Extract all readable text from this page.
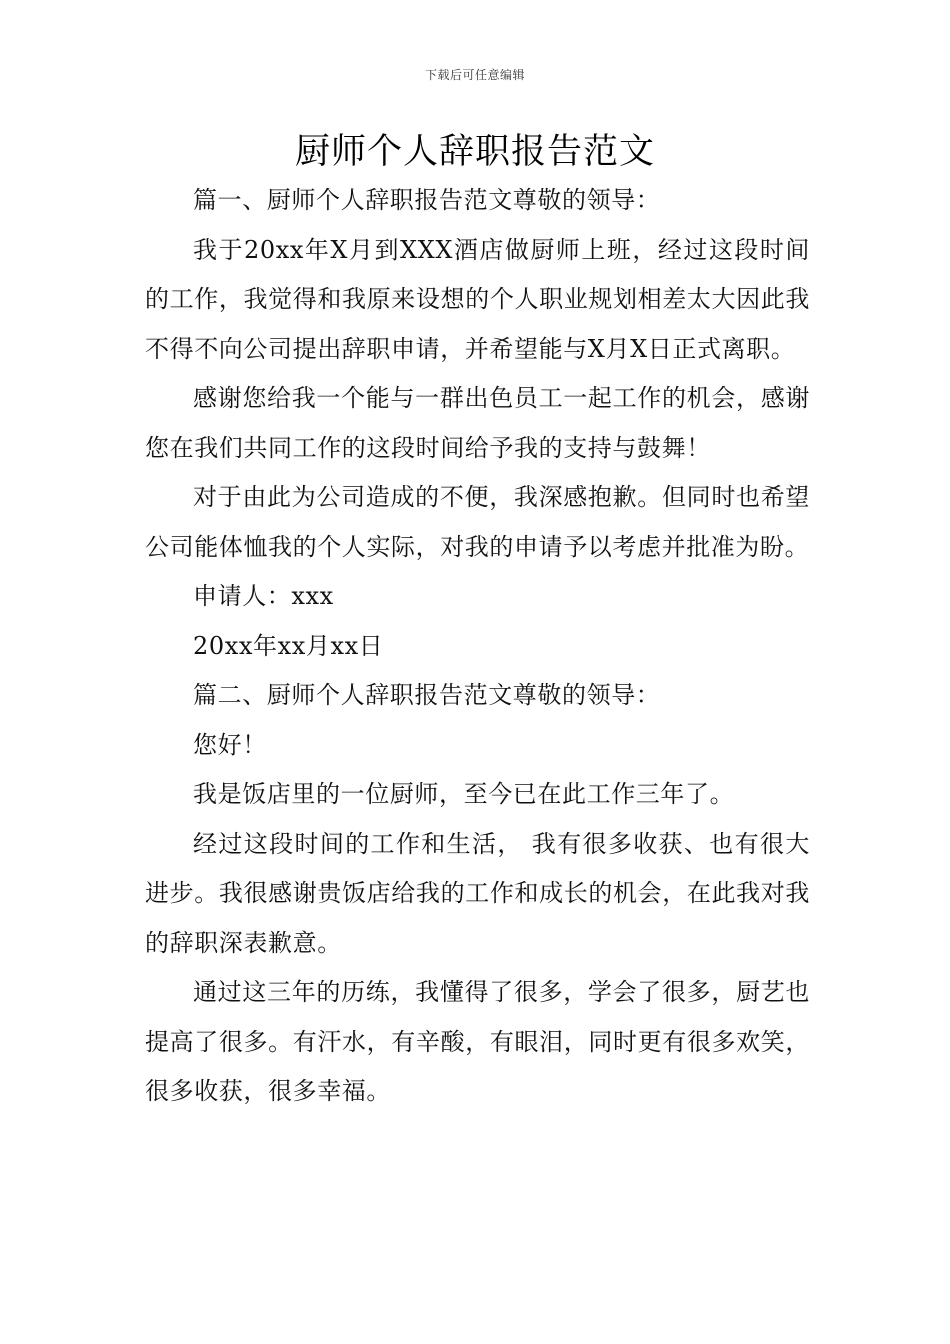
下载后可任意编辑
厨师个人辞职报告范文

篇一、厨师个人辞职报告范文尊敬的领导：

我于20xx年X月到XXX酒店做厨师上班，经过这段时间的工作，我觉得和我原来设想的个人职业规划相差太大因此我不得不向公司提出辞职申请，并希望能与X月X日正式离职。

感谢您给我一个能与一群出色员工一起工作的机会，感谢您在我们共同工作的这段时间给予我的支持与鼓舞！

对于由此为公司造成的不便，我深感抱歉。但同时也希望公司能体恤我的个人实际，对我的申请予以考虑并批准为盼。

申请人：xxx

20xx年xx月xx日

篇二、厨师个人辞职报告范文尊敬的领导：

您好！

我是饭店里的一位厨师，至今已在此工作三年了。

经过这段时间的工作和生活， 我有很多收获、也有很大进步。我很感谢贵饭店给我的工作和成长的机会，在此我对我的辞职深表歉意。

通过这三年的历练，我懂得了很多，学会了很多，厨艺也提高了很多。有汗水，有辛酸，有眼泪，同时更有很多欢笑，很多收获，很多幸福。
